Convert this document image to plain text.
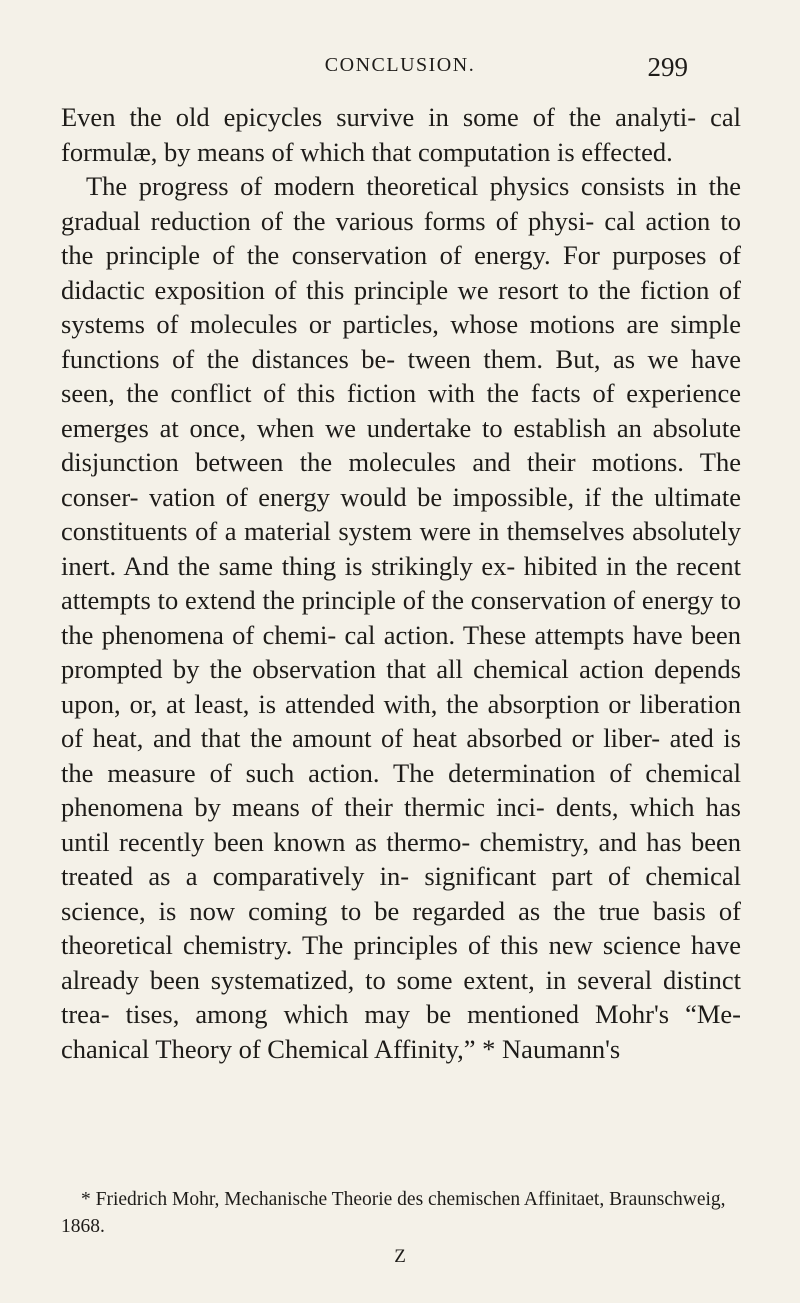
CONCLUSION.	299

Even the old epicycles survive in some of the analyti- cal formulæ, by means of which that computation is effected.

The progress of modern theoretical physics consists in the gradual reduction of the various forms of physi- cal action to the principle of the conservation of energy. For purposes of didactic exposition of this principle we resort to the fiction of systems of molecules or particles, whose motions are simple functions of the distances be- tween them. But, as we have seen, the conflict of this fiction with the facts of experience emerges at once, when we undertake to establish an absolute disjunction between the molecules and their motions. The conser- vation of energy would be impossible, if the ultimate constituents of a material system were in themselves absolutely inert. And the same thing is strikingly ex- hibited in the recent attempts to extend the principle of the conservation of energy to the phenomena of chemi- cal action. These attempts have been prompted by the observation that all chemical action depends upon, or, at least, is attended with, the absorption or liberation of heat, and that the amount of heat absorbed or liber- ated is the measure of such action. The determination of chemical phenomena by means of their thermic inci- dents, which has until recently been known as thermo- chemistry, and has been treated as a comparatively in- significant part of chemical science, is now coming to be regarded as the true basis of theoretical chemistry. The principles of this new science have already been systematized, to some extent, in several distinct trea- tises, among which may be mentioned Mohr's “Me- chanical Theory of Chemical Affinity,” * Naumann's

* Friedrich Mohr, Mechanische Theorie des chemischen Affinitaet, Braunschweig, 1868.

Z
